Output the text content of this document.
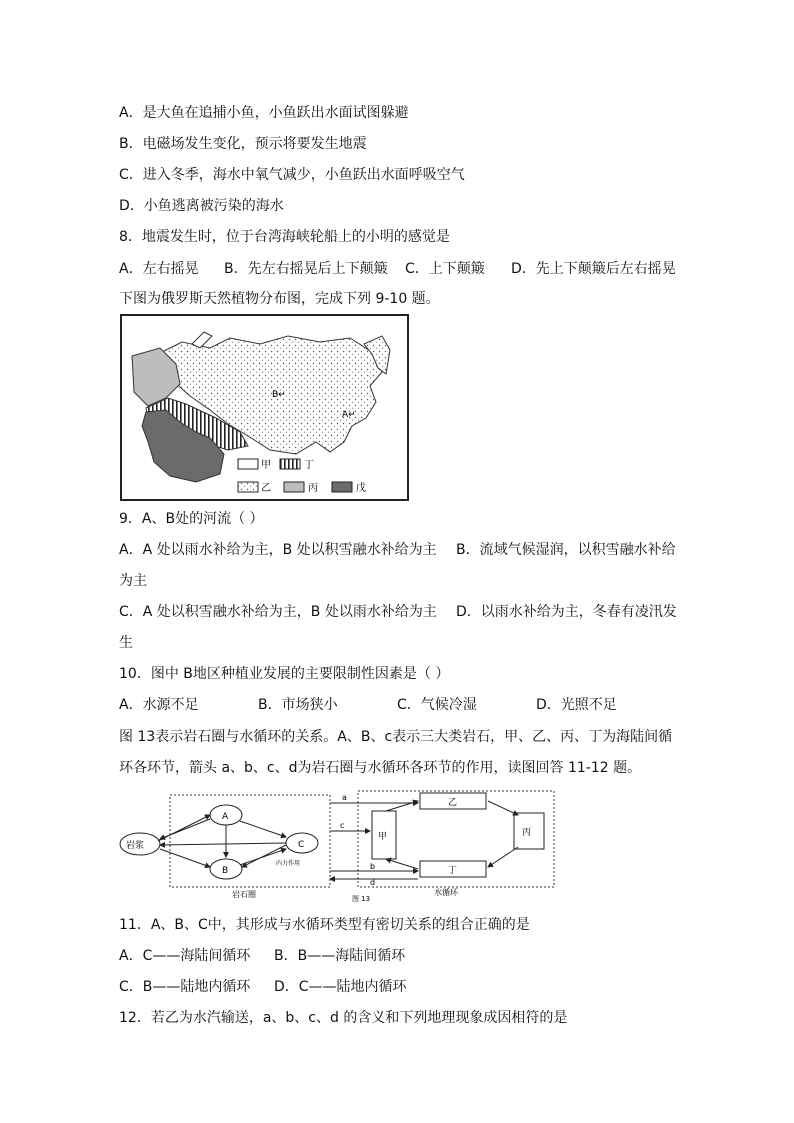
A．是大鱼在追捕小鱼，小鱼跃出水面试图躲避
B．电磁场发生变化，预示将要发生地震
C．进入冬季，海水中氧气减少，小鱼跃出水面呼吸空气
D．小鱼逃离被污染的海水
8．地震发生时，位于台湾海峡轮船上的小明的感觉是
A．左右摇晃 B．先左右摇晃后上下颠簸 C．上下颠簸 D．先上下颠簸后左右摇晃
下图为俄罗斯天然植物分布图，完成下列 9-10 题。
B↵
A↵
甲	丁
乙	丙	戊
9．A、B处的河流（ ）
A．A 处以雨水补给为主，B 处以积雪融水补给为主 B．流域气候湿润，以积雪融水补给
为主
C．A 处以积雪融水补给为主，B 处以雨水补给为主 D．以雨水补给为主，冬春有凌汛发
生
10．图中 B地区种植业发展的主要限制性因素是（ ）
A．水源不足	B．市场狭小	C．气候冷湿	D．光照不足
图 13表示岩石圈与水循环的关系。A、B、c表示三大类岩石，甲、乙、丙、丁为海陆间循
环各环节，箭头 a、b、c、d为岩石圈与水循环各环节的作用，读图回答 11-12 题。
岩浆
A
C
B
内力作用
乙
甲	丙
丁
a
c
b
d
岩石圈	水循环
图 13
11．A、B、C中，其形成与水循环类型有密切关系的组合正确的是
A．C——海陆间循环 B．B——海陆间循环
C．B——陆地内循环 D．C——陆地内循环
12．若乙为水汽输送，a、b、c、d 的含义和下列地理现象成因相符的是
